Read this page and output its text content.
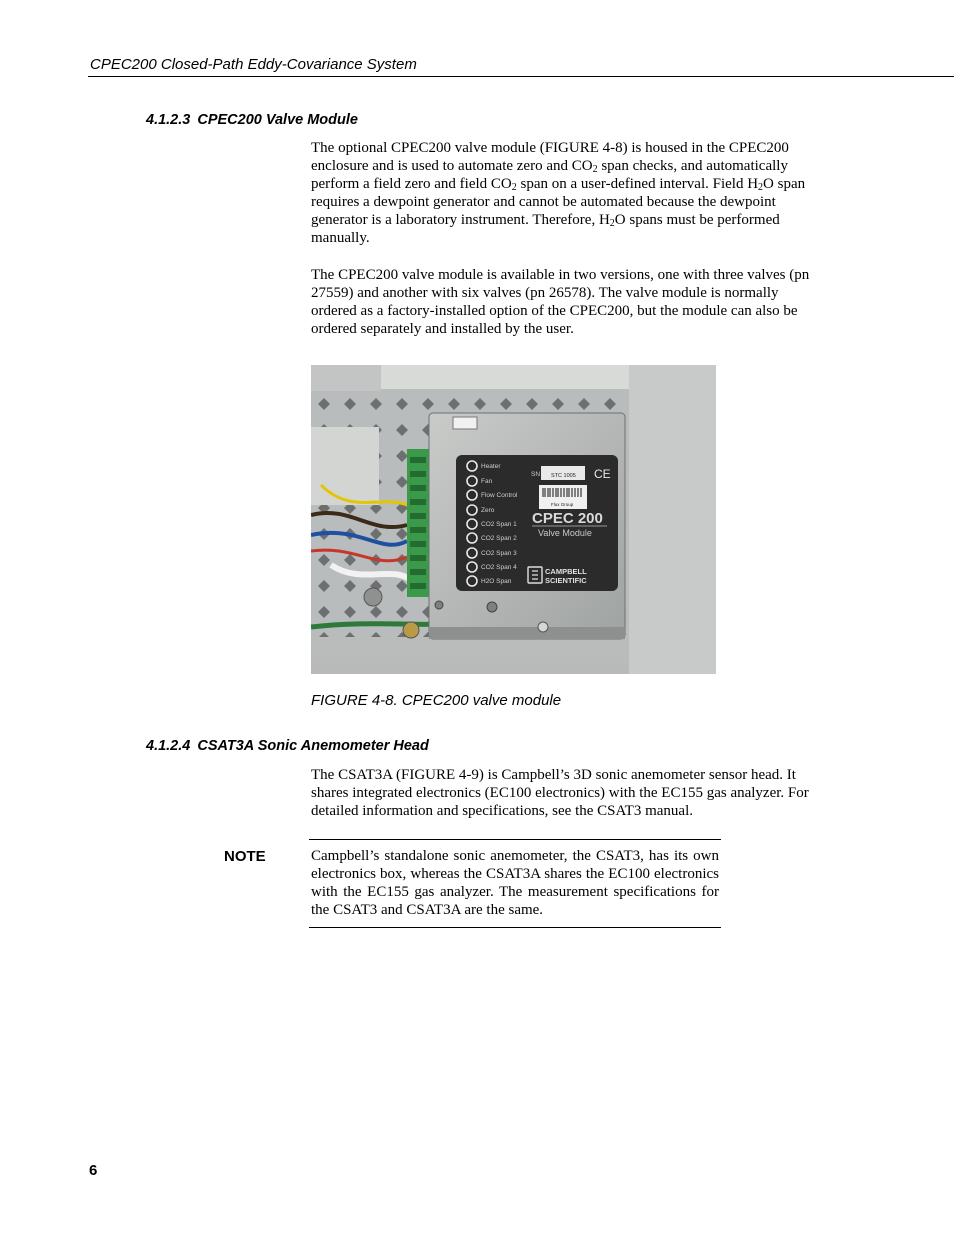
CPEC200 Closed-Path Eddy-Covariance System
4.1.2.3 CPEC200 Valve Module

The optional CPEC200 valve module (FIGURE 4-8) is housed in the CPEC200 enclosure and is used to automate zero and $CO_2$ span checks, and automatically perform a field zero and field $CO_2$ span on a user-defined interval. Field $H_2O$ span requires a dewpoint generator and cannot be automated because the dewpoint generator is a laboratory instrument. Therefore, $H_2O$ spans must be performed manually.

The CPEC200 valve module is available in two versions, one with three valves (pn 27559) and another with six valves (pn 26578). The valve module is normally ordered as a factory-installed option of the CPEC200, but the module can also be ordered separately and installed by the user.

Heater
Fan
Flow Control
Zero
CO2 Span 1
CO2 Span 2
CO2 Span 3
CO2 Span 4
H2O Span
SN STC 1005 CE
Flux Group
CPEC 200
Valve Module
CAMPBELL
SCIENTIFIC
FIGURE 4-8. CPEC200 valve module
4.1.2.4 CSAT3A Sonic Anemometer Head

The CSAT3A (FIGURE 4-9) is Campbell’s 3D sonic anemometer sensor head. It shares integrated electronics (EC100 electronics) with the EC155 gas analyzer. For detailed information and specifications, see the CSAT3 manual.

NOTE	Campbell’s standalone sonic anemometer, the CSAT3, has its own electronics box, whereas the CSAT3A shares the EC100 electronics with the EC155 gas analyzer. The measurement specifications for the CSAT3 and CSAT3A are the same.
6
